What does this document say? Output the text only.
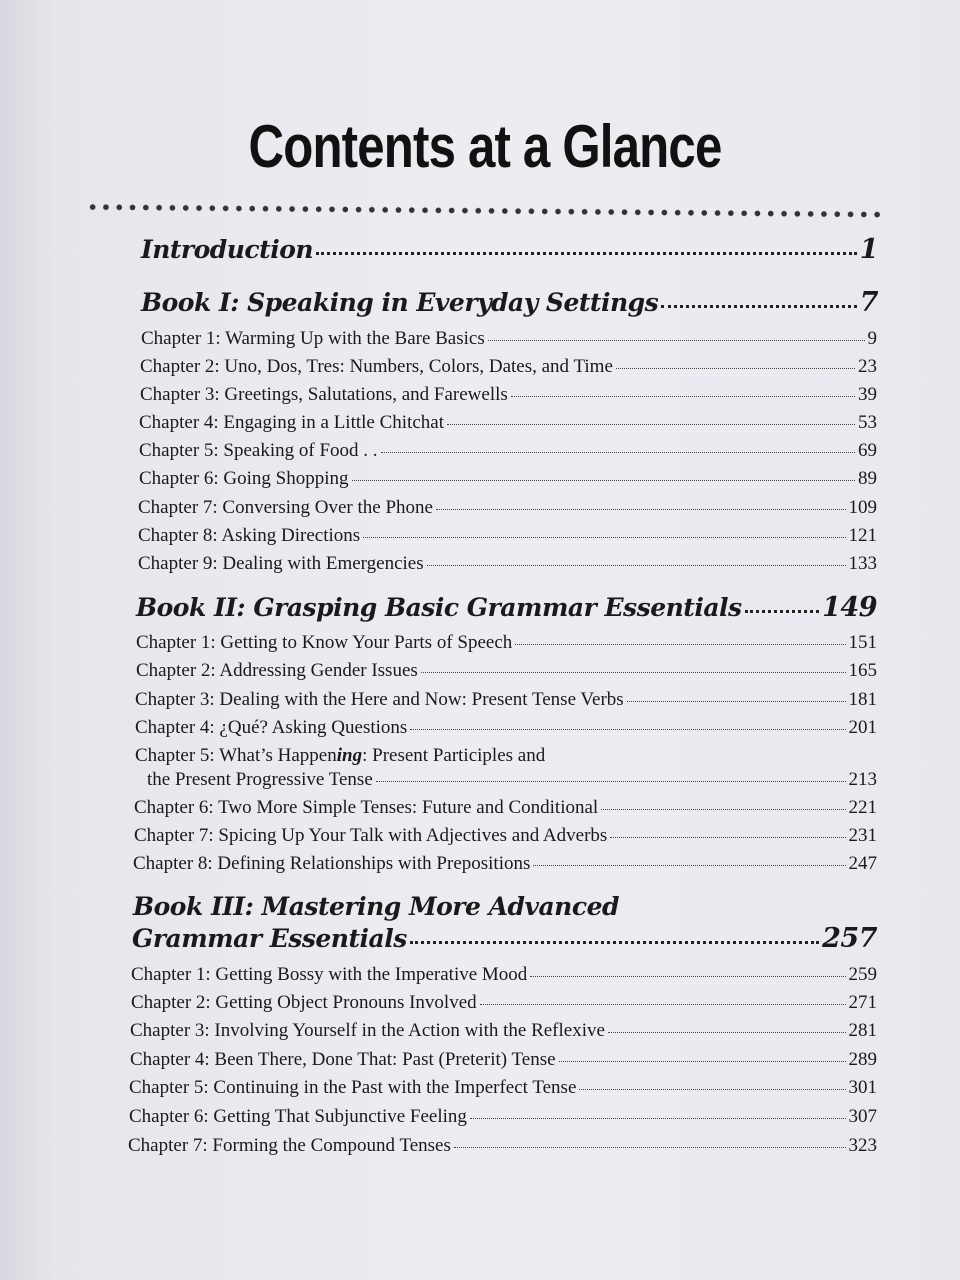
Contents at a Glance
Introduction	1
Book I: Speaking in Everyday Settings	7
Chapter 1: Warming Up with the Bare Basics	9
Chapter 2: Uno, Dos, Tres: Numbers, Colors, Dates, and Time	23
Chapter 3: Greetings, Salutations, and Farewells	39
Chapter 4: Engaging in a Little Chitchat	53
Chapter 5: Speaking of Food . .	69
Chapter 6: Going Shopping	89
Chapter 7: Conversing Over the Phone	109
Chapter 8: Asking Directions	121
Chapter 9: Dealing with Emergencies	133
Book II: Grasping Basic Grammar Essentials	149
Chapter 1: Getting to Know Your Parts of Speech	151
Chapter 2: Addressing Gender Issues	165
Chapter 3: Dealing with the Here and Now: Present Tense Verbs	181
Chapter 4: ¿Qué? Asking Questions	201
Chapter 5: What’s Happening: Present Participles and
the Present Progressive Tense	213
Chapter 6: Two More Simple Tenses: Future and Conditional	221
Chapter 7: Spicing Up Your Talk with Adjectives and Adverbs	231
Chapter 8: Defining Relationships with Prepositions	247
Book III: Mastering More Advanced
Grammar Essentials	257
Chapter 1: Getting Bossy with the Imperative Mood	259
Chapter 2: Getting Object Pronouns Involved	271
Chapter 3: Involving Yourself in the Action with the Reflexive	281
Chapter 4: Been There, Done That: Past (Preterit) Tense	289
Chapter 5: Continuing in the Past with the Imperfect Tense	301
Chapter 6: Getting That Subjunctive Feeling	307
Chapter 7: Forming the Compound Tenses	323
